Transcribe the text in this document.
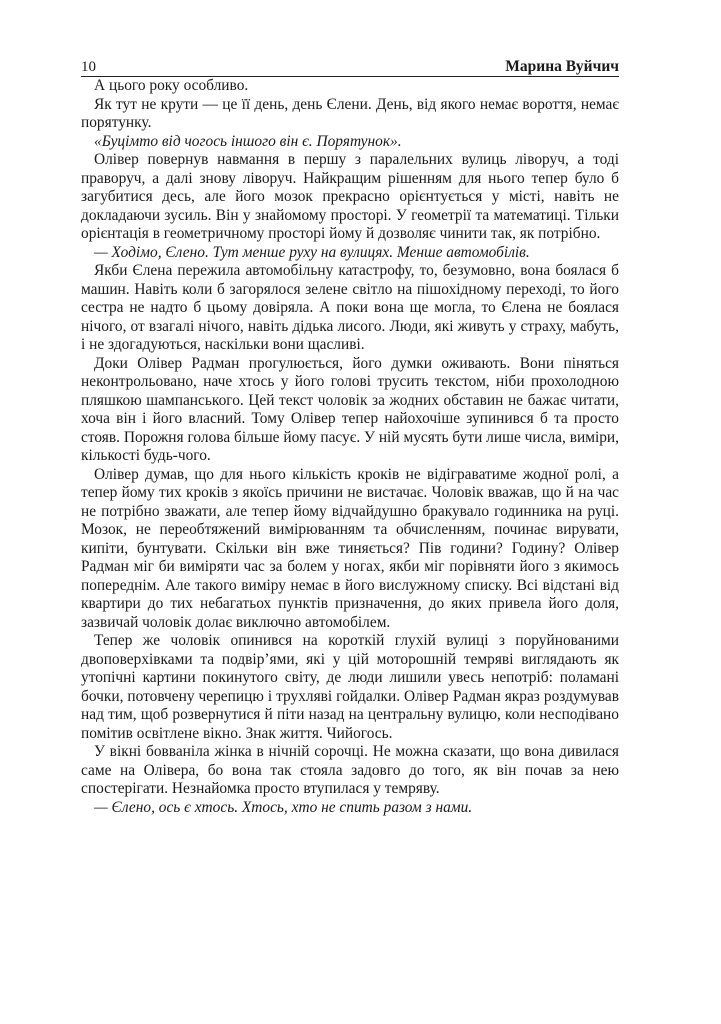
10	Марина Вуйчич

А цього року особливо.

Як тут не крути — це її день, день Єлени. День, від якого немає вороття, немає порятунку.

«Буцімто від чогось іншого він є. Порятунок».

Олівер повернув навмання в першу з паралельних вулиць ліворуч, а тоді праворуч, а далі знову ліворуч. Найкращим рішенням для нього тепер було б загубитися десь, але його мозок прекрасно орієнтується у місті, навіть не докладаючи зусиль. Він у знайомому просторі. У геометрії та математиці. Тільки орієнтація в геометричному просторі йому й дозволяє чинити так, як потрібно.

— Ходімо, Єлено. Тут менше руху на вулицях. Менше автомобілів.

Якби Єлена пережила автомобільну катастрофу, то, безумовно, вона боялася б машин. Навіть коли б загорялося зелене світло на пішохідному переході, то його сестра не надто б цьому довіряла. А поки вона ще могла, то Єлена не боялася нічого, от взагалі нічого, навіть дідька лисого. Люди, які живуть у страху, мабуть, і не здогадуються, наскільки вони щасливі.

Доки Олівер Радман прогулюється, його думки оживають. Вони піняться неконтрольовано, наче хтось у його голові трусить текстом, ніби прохолодною пляшкою шампанського. Цей текст чоловік за жодних обставин не бажає читати, хоча він і його власний. Тому Олівер тепер найохочіше зупинився б та просто стояв. Порожня голова більше йому пасує. У ній мусять бути лише числа, виміри, кількості будь-чого.

Олівер думав, що для нього кількість кроків не відіграватиме жодної ролі, а тепер йому тих кроків з якоїсь причини не вистачає. Чоловік вважав, що й на час не потрібно зважати, але тепер йому відчайдушно бракувало годинника на руці. Мозок, не переобтяжений вимірюванням та обчисленням, починає вирувати, кипіти, бунтувати. Скільки він вже тиняється? Пів години? Годину? Олівер Радман міг би виміряти час за болем у ногах, якби міг порівняти його з якимось попереднім. Але такого виміру немає в його вислужному списку. Всі відстані від квартири до тих небагатьох пунктів призначення, до яких привела його доля, зазвичай чоловік долає виключно автомобілем.

Тепер же чоловік опинився на короткій глухій вулиці з поруйнованими двоповерхівками та подвір’ями, які у цій моторошній темряві виглядають як утопічні картини покинутого світу, де люди лишили увесь непотріб: поламані бочки, потовчену черепицю і трухляві гойдалки. Олівер Радман якраз роздумував над тим, щоб розвернутися й піти назад на центральну вулицю, коли несподівано помітив освітлене вікно. Знак життя. Чийогось.

У вікні бовваніла жінка в нічній сорочці. Не можна сказати, що вона дивилася саме на Олівера, бо вона так стояла задовго до того, як він почав за нею спостерігати. Незнайомка просто втупилася у темряву.

— Єлено, ось є хтось. Хтось, хто не спить разом з нами.
